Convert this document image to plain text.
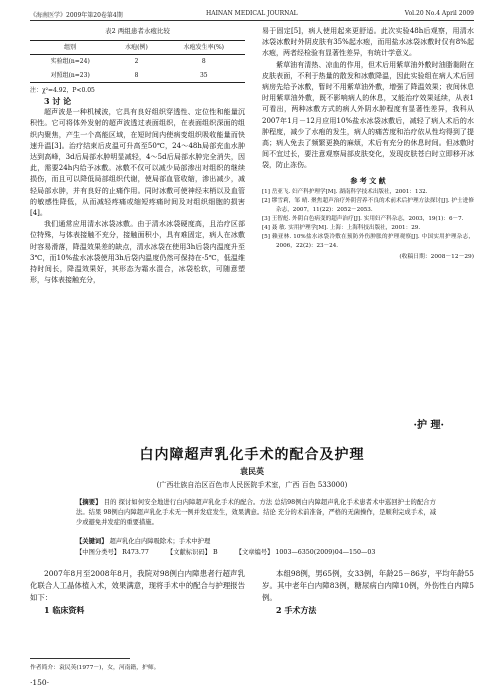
《海南医学》2009年第20卷第4期	HAINAN MEDICAL JOURNAL	Vol.20 No.4 April 2009
表2 两组患者水疱比较
组别	水疱(例)	水疱发生率(%)
实验组(n=24)	2	8
对照组(n=23)	8	35
注：χ²=4.92，P<0.05

3 讨 论

超声波是一种机械波，它具有良好组织穿透性、定位性和能量沉积性。它可将体外发射的超声波透过表面组织，在表面组织深面的组织内聚焦，产生一个高能区域，在短时间内使病变组织吸收能量而快速升温[3]。治疗结束后皮温可升高至50℃，24～48h局部充血水肿达到高峰，3d后局部水肿明显减轻，4～5d后局部水肿完全消失，因此，需要24h内给予冰敷。冰敷不仅可以减少局部渗出对组织的继续损伤，而且可以降低局部组织代谢，使局部血管收缩，渗出减少，减轻局部水肿，并有良好的止痛作用。同时冰敷可使神经末梢以及血管的敏感性降低，从而减轻疼痛或缩短疼痛时间及对组织细胞的损害[4]。

我们通常应用清水冰袋冰敷。由于清水冰袋硬度高，且治疗区部位特殊，与体表接触不充分，接触面积小，具有难固定，病人在冰敷时容易滑落，降温效果差的缺点，清水冰袋在使用3h后袋内温度升至3℃，而10%盐水冰袋使用3h后袋内温度仍然可保持在-5℃，低温维持时间长，降温效果好，其形态为霜水混合，冰袋松软，可随意塑形，与体表接触充分，

易于固定[5]，病人使用起来更舒适。此次实验48h后观察，用清水冰袋冰敷时外阴皮肤有35%起水疱，而用盐水冰袋冰敷时仅有8%起水疱，两者经检验有显著性差异，有统计学意义。

紫草油有清热、凉血的作用，但术后用紫草油外敷时油脂黏附在皮肤表面，不利于热量的散发和冰敷降温，因此实验组在病人术后回病房先给予冰敷，暂时不用紫草油外敷，增强了降温效果；夜间休息时用紫草油外敷，既不影响病人的休息，又能治疗效果延续，从表1可看出，两种冰敷方式的病人外阴水肿程度有显著性差异，我科从2007年1月－12月应用10%盐水冰袋冰敷后，减轻了病人术后的水肿程度，减少了水疱的发生，病人的痛苦度和治疗依从性均得到了提高；病人免去了频繁更换的麻烦，术后有充分的休息时间。但冰敷时间不宜过长，要注意观察局部皮肤变化，发现皮肤苍白时立即移开冰袋，防止冻伤。

参 考 文 献
[1] 岳亚飞. 妇产科护理学[M]. 湖南科学技术出版社，2001：132.
[2] 缪雪莉，邹 晴. 聚焦超声治疗外阴营养不良的术前术后护理方法探讨[J]. 护士进修杂志，2007，11(22)：2052－2053.
[3] 王智彪. 外阴白色病变的超声治疗[J]. 实用妇产科杂志，2003，19(1)：6－7.
[4] 聂 敏. 实用护理学[M]. 上海：上海科技出版社，2001：29.
[5] 赖亚林. 10%盐水冰袋冷敷在预防外伤肿胀的护理观察[J]. 中国实用护理杂志，2006，22(2)：23－24.
(收稿日期：2008－12－29)
·护 理·
白内障超声乳化手术的配合及护理
袁民英
(广西壮族自治区百色市人民医院手术室，广西 百色 533000)
【摘要】 目的 探讨如何安全地进行白内障超声乳化手术的配合。方法 总结98例白内障超声乳化手术患者术中巡回护士的配合方法。结果 98例白内障超声乳化手术无一例并发症发生，效果满意。结论 充分的术前准备，严格的无菌操作，是顺利完成手术，减少或避免并发症的重要措施。
【关键词】 超声乳化白内障吸除术；手术中护理
【中图分类号】 R473.77	【文献标识码】 B	【文章编号】 1003—6350(2009)04—150—03

2007年8月至2008年8月，我院对98例白内障患者行超声乳化联合人工晶体植入术，效果满意，现将手术中的配合与护理报告如下：

1 临床资料

本组98例，男65例，女33例，年龄25－86岁，平均年龄55岁。其中老年白内障83例，糖尿病白内障10例，外伤性白内障5例。

2 手术方法

作者简介：袁民英(1977－)，女，河南籍，护师。
·150·
